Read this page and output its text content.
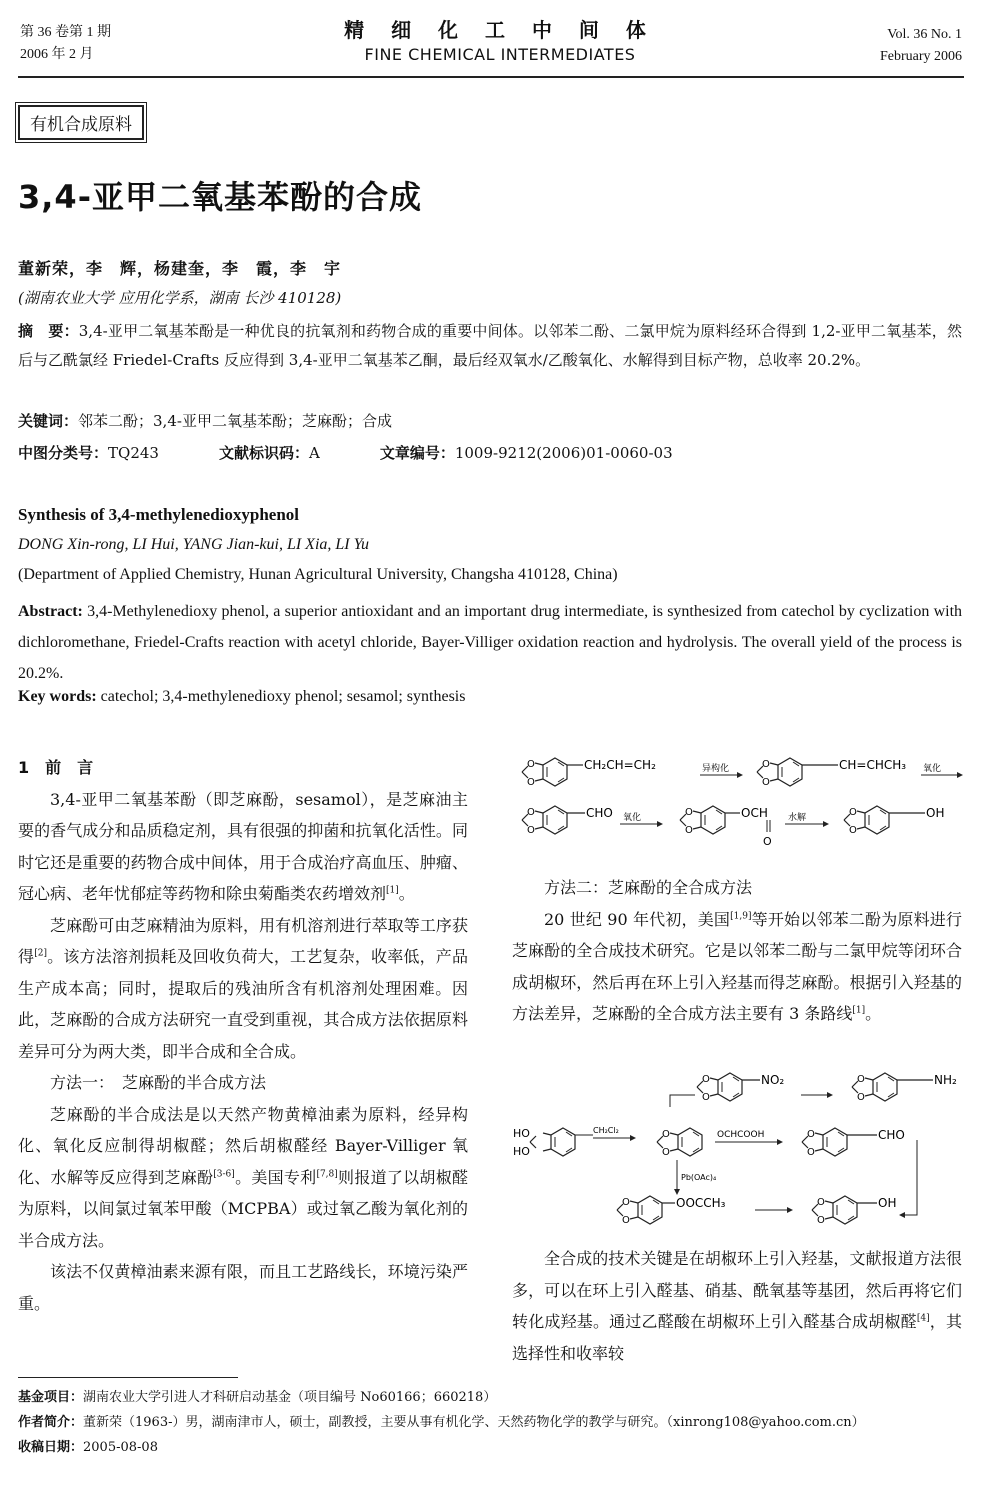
第 36 卷第 1 期
2006 年 2 月
精 细 化 工 中 间 体
FINE CHEMICAL INTERMEDIATES
Vol. 36 No. 1
February 2006
有机合成原料
3,4-亚甲二氧基苯酚的合成
董新荣，李　辉，杨建奎，李　霞，李　宇
(湖南农业大学 应用化学系，湖南 长沙 410128)
摘　要：3,4-亚甲二氧基苯酚是一种优良的抗氧剂和药物合成的重要中间体。以邻苯二酚、二氯甲烷为原料经环合得到 1,2-亚甲二氧基苯，然后与乙酰氯经 Friedel-Crafts 反应得到 3,4-亚甲二氧基苯乙酮，最后经双氧水/乙酸氧化、水解得到目标产物，总收率 20.2%。
关键词：邻苯二酚；3,4-亚甲二氧基苯酚；芝麻酚；合成
中图分类号：TQ243	文献标识码：A	文章编号：1009-9212(2006)01-0060-03
Synthesis of 3,4-methylenedioxyphenol
DONG Xin-rong, LI Hui, YANG Jian-kui, LI Xia, LI Yu
(Department of Applied Chemistry, Hunan Agricultural University, Changsha 410128, China)
Abstract: 3,4-Methylenedioxy phenol, a superior antioxidant and an important drug intermediate, is synthesized from catechol by cyclization with dichloromethane, Friedel-Crafts reaction with acetyl chloride, Bayer-Villiger oxidation reaction and hydrolysis. The overall yield of the process is 20.2%.
Key words: catechol; 3,4-methylenedioxy phenol; sesamol; synthesis
1　前　言

3,4-亚甲二氧基苯酚（即芝麻酚，sesamol），是芝麻油主要的香气成分和品质稳定剂，具有很强的抑菌和抗氧化活性。同时它还是重要的药物合成中间体，用于合成治疗高血压、肿瘤、冠心病、老年忧郁症等药物和除虫菊酯类农药增效剂[1]。

芝麻酚可由芝麻精油为原料，用有机溶剂进行萃取等工序获得[2]。该方法溶剂损耗及回收负荷大，工艺复杂，收率低，产品生产成本高；同时，提取后的残油所含有机溶剂处理困难。因此，芝麻酚的合成方法研究一直受到重视，其合成方法依据原料差异可分为两大类，即半合成和全合成。

方法一：　芝麻酚的半合成方法

芝麻酚的半合成法是以天然产物黄樟油素为原料，经异构化、氧化反应制得胡椒醛；然后胡椒醛经 Bayer-Villiger 氧化、水解等反应得到芝麻酚[3-6]。美国专利[7,8]则报道了以胡椒醛为原料，以间氯过氧苯甲酸（MCPBA）或过氧乙酸为氧化剂的半合成方法。

该法不仅黄樟油素来源有限，而且工艺路线长，环境污染严重。

O
O
CH₂CH=CH₂	异构化	O
O
CH=CHCH₃ 氧化
O
O
CHO 氧化	O
O
OCH
O
水解	O
O
OH

方法二：芝麻酚的全合成方法

20 世纪 90 年代初，美国[1,9]等开始以邻苯二酚为原料进行芝麻酚的全合成技术研究。它是以邻苯二酚与二氯甲烷等闭环合成胡椒环，然后再在环上引入羟基而得芝麻酚。根据引入羟基的方法差异，芝麻酚的全合成方法主要有 3 条路线[1]。

O
O
NO₂	O
O
NH₂
HO
HO
CH₂Cl₂	O
O
OCHCOOH	O
O
CHO
Pb(OAc)₄
O
O
OOCCH₃	O
O
OH

全合成的技术关键是在胡椒环上引入羟基，文献报道方法很多，可以在环上引入醛基、硝基、酰氧基等基团，然后再将它们转化成羟基。通过乙醛酸在胡椒环上引入醛基合成胡椒醛[4]，其选择性和收率较

基金项目：湖南农业大学引进人才科研启动基金（项目编号 No60166；660218）
作者简介：董新荣（1963-）男，湖南津市人，硕士，副教授，主要从事有机化学、天然药物化学的教学与研究。（xinrong108@yahoo.com.cn）
收稿日期：2005-08-08
